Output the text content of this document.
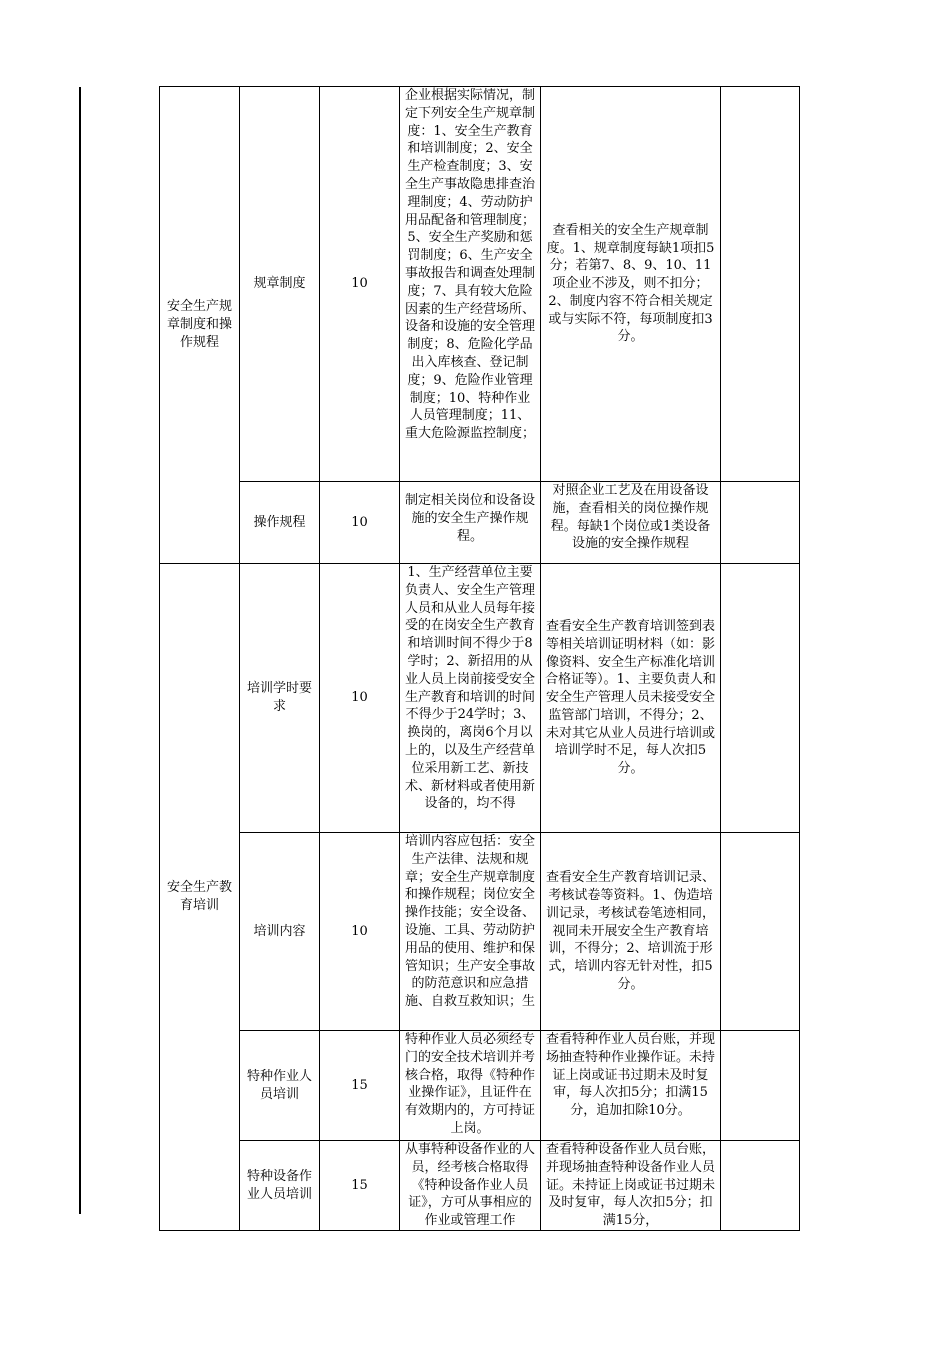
安全生产规章制度和操作规程	规章制度	10	企业根据实际情况，制定下列安全生产规章制度：1、安全生产教育和培训制度；2、安全生产检查制度；3、安全生产事故隐患排查治理制度；4、劳动防护用品配备和管理制度；5、安全生产奖励和惩罚制度；6、生产安全事故报告和调查处理制度；7、具有较大危险因素的生产经营场所、设备和设施的安全管理制度；8、危险化学品出入库核查、登记制度；9、危险作业管理制度；10、特种作业人员管理制度；11、重大危险源监控制度；	查看相关的安全生产规章制度。1、规章制度每缺1项扣5分；若第7、8、9、10、11项企业不涉及，则不扣分；2、制度内容不符合相关规定或与实际不符，每项制度扣3分。	

	操作规程	10	制定相关岗位和设备设施的安全生产操作规程。	对照企业工艺及在用设备设施，查看相关的岗位操作规程。每缺1个岗位或1类设备设施的安全操作规程	

安全生产教育培训	培训学时要求	10	1、生产经营单位主要负责人、安全生产管理人员和从业人员每年接受的在岗安全生产教育和培训时间不得少于8学时；2、新招用的从业人员上岗前接受安全生产教育和培训的时间不得少于24学时；3、换岗的，离岗6个月以上的，以及生产经营单位采用新工艺、新技术、新材料或者使用新设备的，均不得	查看安全生产教育培训签到表等相关培训证明材料（如：影像资料、安全生产标准化培训合格证等）。1、主要负责人和安全生产管理人员未接受安全监管部门培训，不得分；2、未对其它从业人员进行培训或培训学时不足，每人次扣5分。	

	培训内容	10	培训内容应包括：安全生产法律、法规和规章；安全生产规章制度和操作规程；岗位安全操作技能；安全设备、设施、工具、劳动防护用品的使用、维护和保管知识；生产安全事故的防范意识和应急措施、自救互救知识；生	查看安全生产教育培训记录、考核试卷等资料。1、伪造培训记录，考核试卷笔迹相同，视同未开展安全生产教育培训，不得分；2、培训流于形式，培训内容无针对性，扣5分。	

	特种作业人员培训	15	特种作业人员必须经专门的安全技术培训并考核合格，取得《特种作业操作证》，且证件在有效期内的，方可持证上岗。	查看特种作业人员台账，并现场抽查特种作业操作证。未持证上岗或证书过期未及时复审，每人次扣5分；扣满15分，追加扣除10分。	

	特种设备作业人员培训	15	从事特种设备作业的人员，经考核合格取得《特种设备作业人员证》，方可从事相应的作业或管理工作	查看特种设备作业人员台账，并现场抽查特种设备作业人员证。未持证上岗或证书过期未及时复审，每人次扣5分；扣满15分，	
